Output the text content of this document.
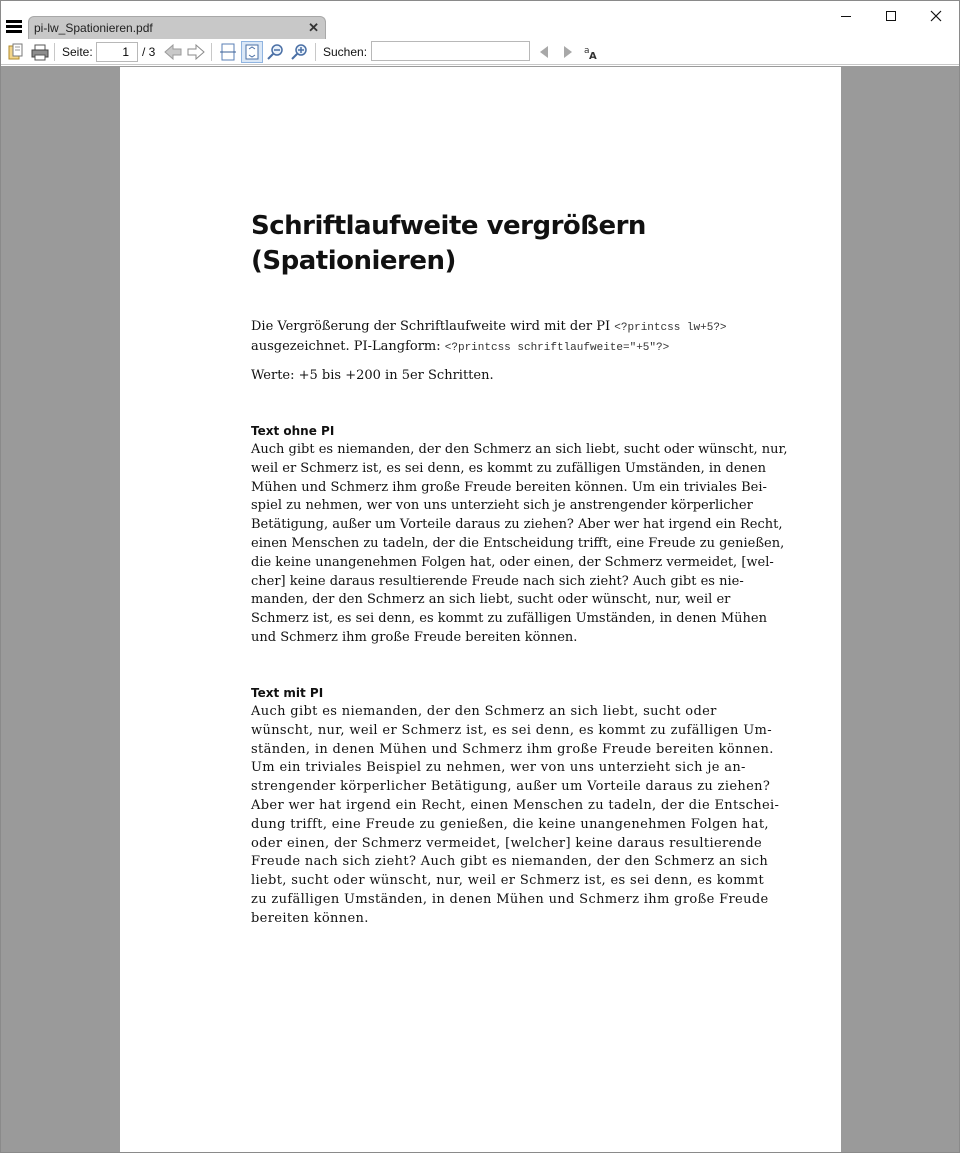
pi-lw_Spationieren.pdf	✕
Seite:
1	/ 3	Suchen:	a A
Schriftlaufweite vergrößern
(Spationieren)
Die Vergrößerung der Schriftlaufweite wird mit der PI <?printcss lw+5?>
ausgezeichnet. PI-Langform: <?printcss schriftlaufweite="+5"?>
Werte: +5 bis +200 in 5er Schritten.
Text ohne PI
Auch gibt es niemanden, der den Schmerz an sich liebt, sucht oder wünscht, nur,
weil er Schmerz ist, es sei denn, es kommt zu zufälligen Umständen, in denen
Mühen und Schmerz ihm große Freude bereiten können. Um ein triviales Bei-
spiel zu nehmen, wer von uns unterzieht sich je anstrengender körperlicher
Betätigung, außer um Vorteile daraus zu ziehen? Aber wer hat irgend ein Recht,
einen Menschen zu tadeln, der die Entscheidung trifft, eine Freude zu genießen,
die keine unangenehmen Folgen hat, oder einen, der Schmerz vermeidet, [wel-
cher] keine daraus resultierende Freude nach sich zieht? Auch gibt es nie-
manden, der den Schmerz an sich liebt, sucht oder wünscht, nur, weil er
Schmerz ist, es sei denn, es kommt zu zufälligen Umständen, in denen Mühen
und Schmerz ihm große Freude bereiten können.
Text mit PI
Auch gibt es niemanden, der den Schmerz an sich liebt, sucht oder
wünscht, nur, weil er Schmerz ist, es sei denn, es kommt zu zufälligen Um-
ständen, in denen Mühen und Schmerz ihm große Freude bereiten können.
Um ein triviales Beispiel zu nehmen, wer von uns unterzieht sich je an-
strengender körperlicher Betätigung, außer um Vorteile daraus zu ziehen?
Aber wer hat irgend ein Recht, einen Menschen zu tadeln, der die Entschei-
dung trifft, eine Freude zu genießen, die keine unangenehmen Folgen hat,
oder einen, der Schmerz vermeidet, [welcher] keine daraus resultierende
Freude nach sich zieht? Auch gibt es niemanden, der den Schmerz an sich
liebt, sucht oder wünscht, nur, weil er Schmerz ist, es sei denn, es kommt
zu zufälligen Umständen, in denen Mühen und Schmerz ihm große Freude
bereiten können.
